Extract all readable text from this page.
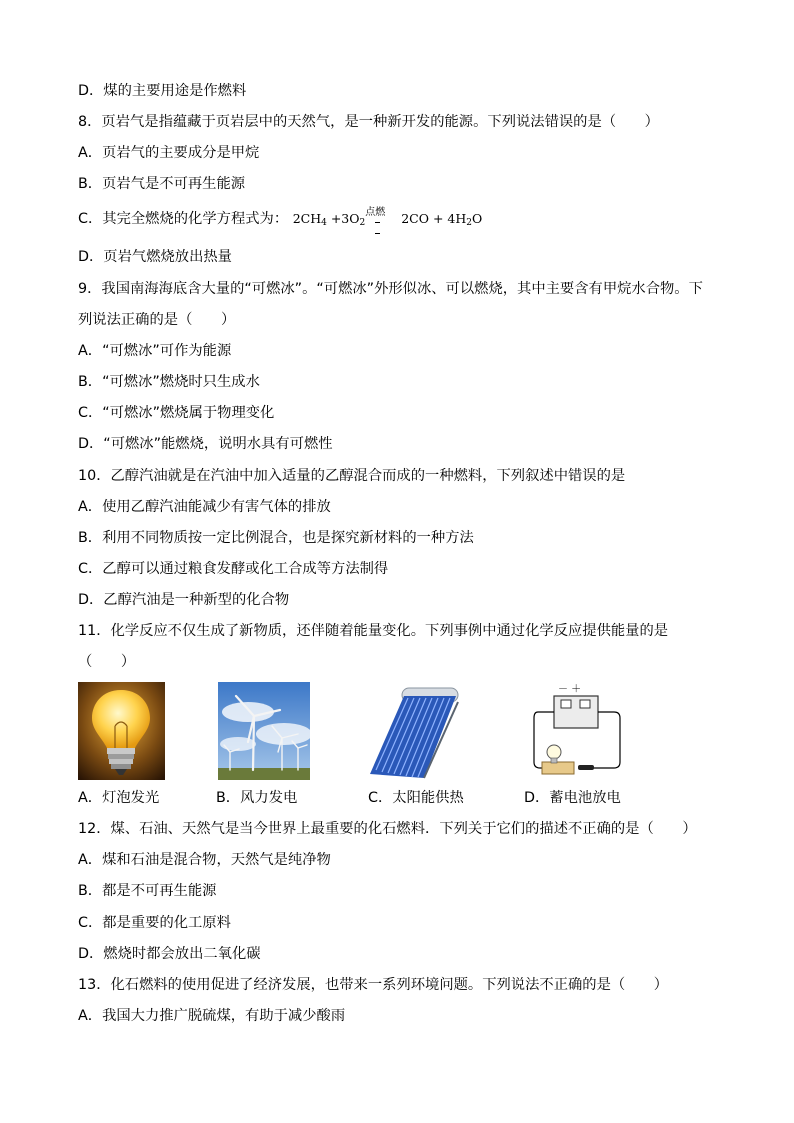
D．煤的主要用途是作燃料
8．页岩气是指蕴藏于页岩层中的天然气，是一种新开发的能源。下列说法错误的是（　　）
A．页岩气的主要成分是甲烷
B．页岩气是不可再生能源
C．其完全燃烧的化学方程式为： $2CH_4 +3O_2$
点燃 $2CO + 4H_2O$
D．页岩气燃烧放出热量
9．我国南海海底含大量的“可燃冰”。“可燃冰”外形似冰、可以燃烧，其中主要含有甲烷水合物。下
列说法正确的是（　　）
A．“可燃冰”可作为能源
B．“可燃冰”燃烧时只生成水
C．“可燃冰”燃烧属于物理变化
D．“可燃冰”能燃烧，说明水具有可燃性
10．乙醇汽油就是在汽油中加入适量的乙醇混合而成的一种燃料，下列叙述中错误的是
A．使用乙醇汽油能减少有害气体的排放
B．利用不同物质按一定比例混合，也是探究新材料的一种方法
C．乙醇可以通过粮食发酵或化工合成等方法制得
D．乙醇汽油是一种新型的化合物
11．化学反应不仅生成了新物质，还伴随着能量变化。下列事例中通过化学反应提供能量的是
（　　）
－ ＋
A．灯泡发光	B．风力发电	C．太阳能供热	D．蓄电池放电
12．煤、石油、天然气是当今世界上最重要的化石燃料．下列关于它们的描述不正确的是（　　）
A．煤和石油是混合物，天然气是纯净物
B．都是不可再生能源
C．都是重要的化工原料
D．燃烧时都会放出二氧化碳
13．化石燃料的使用促进了经济发展，也带来一系列环境问题。下列说法不正确的是（　　）
A．我国大力推广脱硫煤，有助于减少酸雨
